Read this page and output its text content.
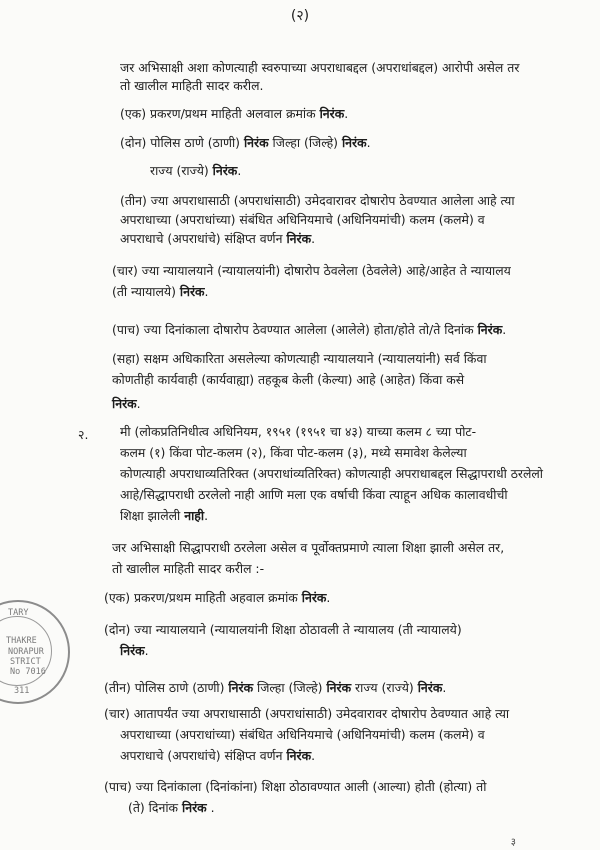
(२)
२.
जर अभिसाक्षी अशा कोणत्याही स्वरुपाच्या अपराधाबद्दल (अपराधांबद्दल) आरोपी असेल तर
तो खालील माहिती सादर करील.
(एक) प्रकरण/प्रथम माहिती अलवाल क्रमांक निरंक.
(दोन) पोलिस ठाणे (ठाणी) निरंक जिल्हा (जिल्हे) निरंक.
राज्य (राज्ये) निरंक.
(तीन) ज्या अपराधासाठी (अपराधांसाठी) उमेदवारावर दोषारोप ठेवण्यात आलेला आहे त्या
अपराधाच्या (अपराधांच्या) संबंधित अधिनियमाचे (अधिनियमांची) कलम (कलमे) व
अपराधाचे (अपराधांचे) संक्षिप्त वर्णन निरंक.
(चार) ज्या न्यायालयाने (न्यायालयांनी) दोषारोप ठेवलेला (ठेवलेले) आहे/आहेत ते न्यायालय
(ती न्यायालये) निरंक.
(पाच) ज्या दिनांकाला दोषारोप ठेवण्यात आलेला (आलेले) होता/होते तो/ते दिनांक निरंक.
(सहा) सक्षम अधिकारिता असलेल्या कोणत्याही न्यायालयाने (न्यायालयांनी) सर्व किंवा
कोणतीही कार्यवाही (कार्यवाह्या) तहकूब केली (केल्या) आहे (आहेत) किंवा कसे
निरंक.
मी (लोकप्रतिनिधीत्व अधिनियम, १९५१ (१९५१ चा ४३) याच्या कलम ८ च्या पोट-
कलम (१) किंवा पोट-कलम (२), किंवा पोट-कलम (३), मध्ये समावेश केलेल्या
कोणत्याही अपराधाव्यतिरिक्त (अपराधांव्यतिरिक्त) कोणत्याही अपराधाबद्दल सिद्धापराधी ठरलेलो
आहे/सिद्धापराधी ठरलेलो नाही आणि मला एक वर्षाची किंवा त्याहून अधिक कालावधीची
शिक्षा झालेली नाही.
जर अभिसाक्षी सिद्धापराधी ठरलेला असेल व पूर्वोक्तप्रमाणे त्याला शिक्षा झाली असेल तर,
तो खालील माहिती सादर करील :-
(एक) प्रकरण/प्रथम माहिती अहवाल क्रमांक निरंक.
(दोन) ज्या न्यायालयाने (न्यायालयांनी शिक्षा ठोठावली ते न्यायालय (ती न्यायालये)
निरंक.
(तीन) पोलिस ठाणे (ठाणी) निरंक जिल्हा (जिल्हे) निरंक राज्य (राज्ये) निरंक.
(चार) आतापर्यंत ज्या अपराधासाठी (अपराधांसाठी) उमेदवारावर दोषारोप ठेवण्यात आहे त्या
अपराधाच्या (अपराधांच्या) संबंधित अधिनियमाचे (अधिनियमांची) कलम (कलमे) व
अपराधाचे (अपराधांचे) संक्षिप्त वर्णन निरंक.
(पाच) ज्या दिनांकाला (दिनांकांना) शिक्षा ठोठावण्यात आली (आल्या) होती (होत्या) तो
(ते) दिनांक निरंक .
TARY
THAKRE
NORAPUR
STRICT
No 7016
311
३
